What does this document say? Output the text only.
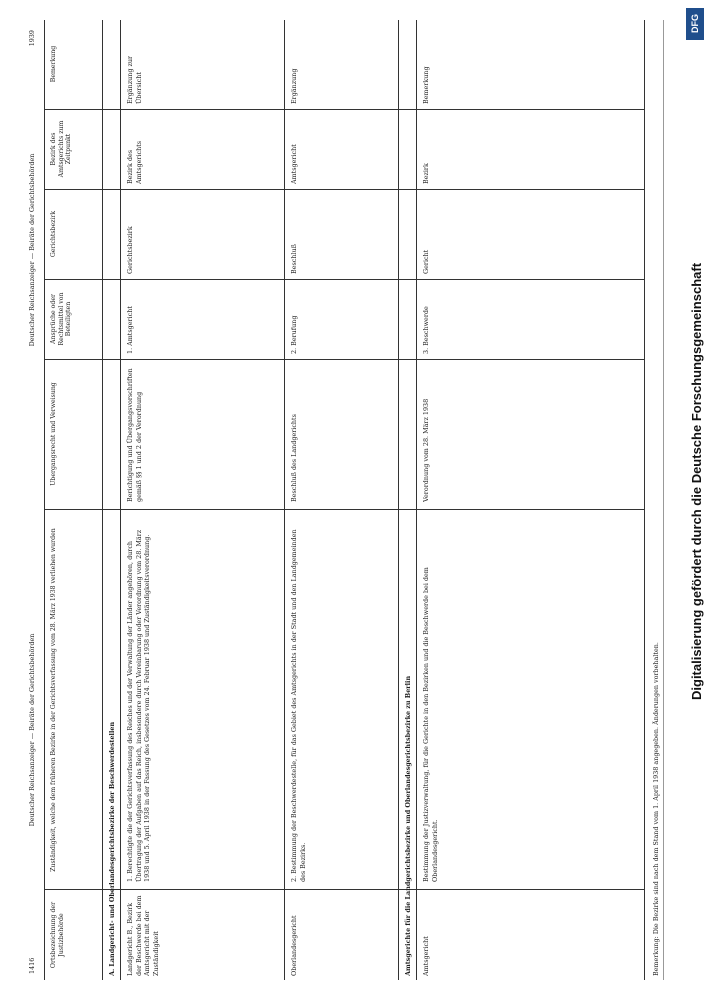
1416
Deutscher Reichsanzeiger — Beiräte der Gerichtsbehörden
Deutscher Reichsanzeiger — Beiräte der Gerichtsbehörden
1939
Ortsbezeichnung der Justizbehörde
Zuständigkeit, welche dem früheren Bezirke in der Gerichtsverfassung vom 28. März 1938 verliehen wurden
Übergangsrecht und Verweisung
Ansprüche oder Rechtsmittel von Beteiligten
Gerichtsbezirk
Bezirk des Amtsgerichts zum Zeitpunkt
Bemerkung
A. Landgericht- und Oberlandesgerichtsbezirke der Beschwerdestellen Landgericht B., Bezirk der Beschwerde bei dem Amtsgericht mit der Zuständigkeit
1. Berechtigte die der Gerichtsverfassung des Reiches und der Verwaltung der Länder angehören, durch Übertragung der Aufgaben auf das Reich, insbesondere durch Vereinbarung oder Verordnung vom 28. März 1938 und 5. April 1938 in der Fassung des Gesetzes vom 24. Februar 1938 und Zuständigkeitsverordnung.
Berichtigung und Übergangsvorschriften gemäß §§ 1 und 2 der Verordnung
1. Amtsgericht
Gerichtsbezirk
Bezirk des Amtsgerichts
Ergänzung zur Übersicht
Oberlandesgericht
2. Bestimmung der Beschwerdestelle, für das Gebiet des Amtsgerichts in der Stadt und den Landgemeinden des Bezirks.
Beschluß des Landgerichts
2. Berufung
Beschluß
Amtsgericht
Ergänzung
Amtsgerichte für die Landgerichtsbezirke und Oberlandesgerichtsbezirke zu Berlin Amtsgericht
Bestimmung der Justizverwaltung, für die Gerichte in den Bezirken und die Beschwerde bei dem Oberlandesgericht.
Verordnung vom 28. März 1938
3. Beschwerde
Gericht
Bezirk
Bemerkung
Bemerkung: Die Bezirke sind nach dem Stand vom 1. April 1938 angegeben. Änderungen vorbehalten.
DFG
Digitalisierung gefördert durch die Deutsche Forschungsgemeinschaft
